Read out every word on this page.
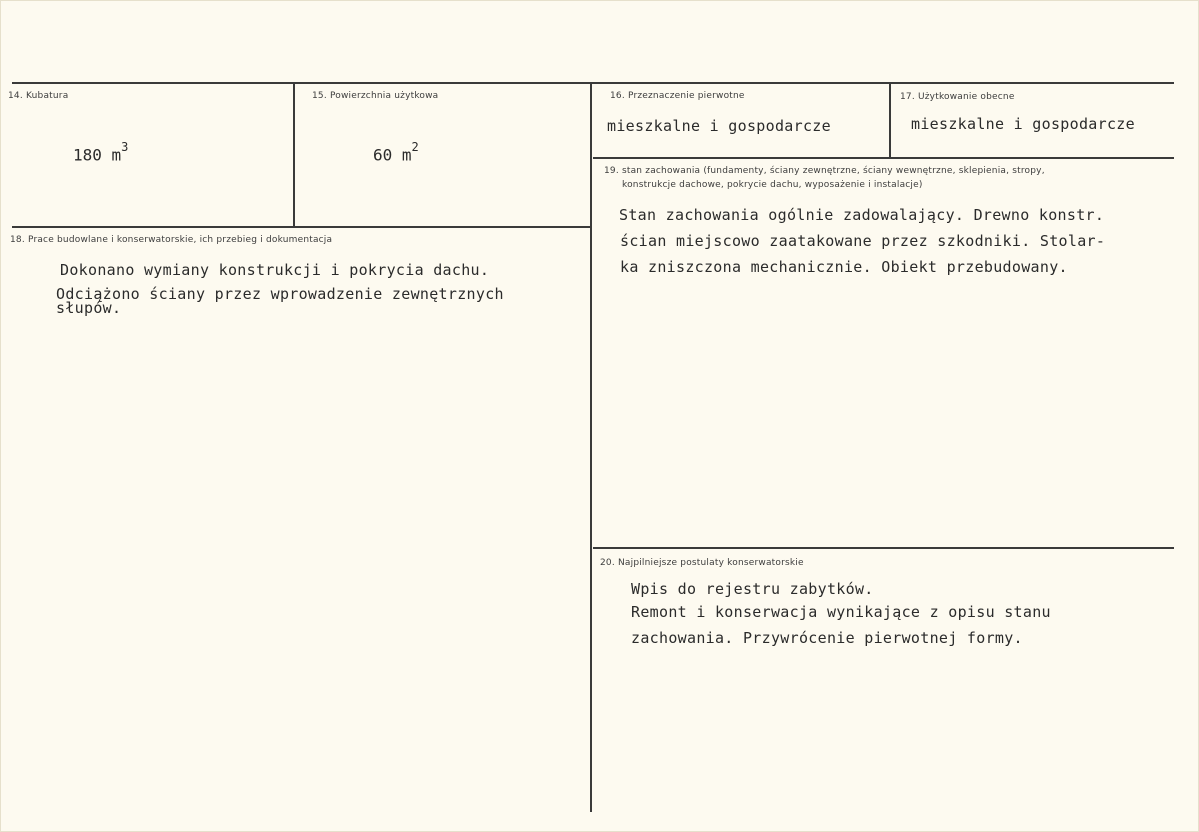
14. Kubatura
180 $m^3$
15. Powierzchnia użytkowa
60 $m^2$
16. Przeznaczenie pierwotne
mieszkalne i gospodarcze
17. Użytkowanie obecne
mieszkalne i gospodarcze
18. Prace budowlane i konserwatorskie, ich przebieg i dokumentacja
Dokonano wymiany konstrukcji i pokrycia dachu.
Odciążono ściany przez wprowadzenie zewnętrznych
słupów.
19. stan zachowania (fundamenty, ściany zewnętrzne, ściany wewnętrzne, sklepienia, stropy,
konstrukcje dachowe, pokrycie dachu, wyposażenie i instalacje)
Stan zachowania ogólnie zadowalający. Drewno konstr.
ścian miejscowo zaatakowane przez szkodniki. Stolar-
ka zniszczona mechanicznie. Obiekt przebudowany.
20. Najpilniejsze postulaty konserwatorskie
Wpis do rejestru zabytków.
Remont i konserwacja wynikające z opisu stanu
zachowania. Przywrócenie pierwotnej formy.
